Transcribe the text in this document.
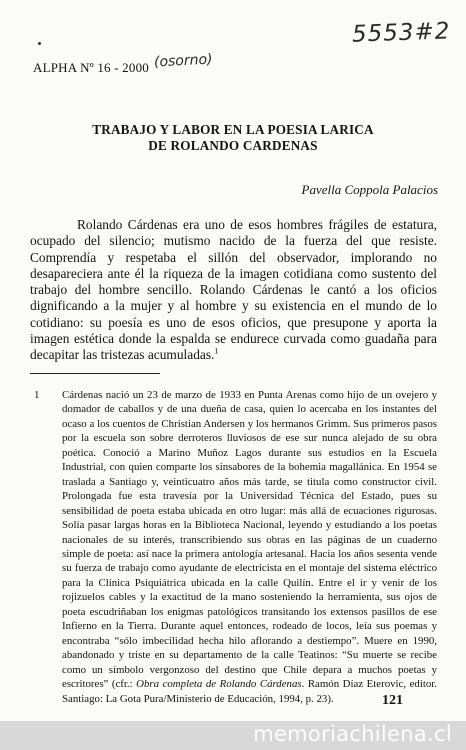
5553#2
ALPHA Nº 16 - 2000 (osorno)
TRABAJO Y LABOR EN LA POESIA LARICA
DE ROLANDO CARDENAS
Pavella Coppola Palacios

Rolando Cárdenas era uno de esos hombres frágiles de estatura, ocupado del silencio; mutismo nacido de la fuerza del que resiste. Comprendía y respetaba el sillón del observador, implorando no desapareciera ante él la riqueza de la imagen cotidiana como sustento del trabajo del hombre sencillo. Rolando Cárdenas le cantó a los oficios dignificando a la mujer y al hombre y su existencia en el mundo de lo cotidiano: su poesía es uno de esos oficios, que presupone y aporta la imagen estética donde la espalda se endurece curvada como guadaña para decapitar las tristezas acumuladas.$^1$

1 Cárdenas nació un 23 de marzo de 1933 en Punta Arenas como hijo de un ovejero y domador de caballos y de una dueña de casa, quien lo acercaba en los instantes del ocaso a los cuentos de Christian Andersen y los hermanos Grimm. Sus primeros pasos por la escuela son sobre derroteros lluviosos de ese sur nunca alejado de su obra poética. Conoció a Marino Muñoz Lagos durante sus estudios en la Escuela Industrial, con quien comparte los sinsabores de la bohemia magallánica. En 1954 se traslada a Santiago y, veinticuatro años más tarde, se titula como constructor civil. Prolongada fue esta travesía por la Universidad Técnica del Estado, pues su sensibilidad de poeta estaba ubicada en otro lugar: más allá de ecuaciones rigurosas. Solía pasar largas horas en la Biblioteca Nacional, leyendo y estudiando a los poetas nacionales de su interés, transcribiendo sus obras en las páginas de un cuaderno simple de poeta: así nace la primera antología artesanal. Hacia los años sesenta vende su fuerza de trabajo como ayudante de electricista en el montaje del sistema eléctrico para la Clínica Psiquiátrica ubicada en la calle Quilín. Entre el ir y venir de los rojizuelos cables y la exactitud de la mano sosteniendo la herramienta, sus ojos de poeta escudriñaban los enigmas patológicos transitando los extensos pasillos de ese Infierno en la Tierra. Durante aquel entonces, rodeado de locos, leía sus poemas y encontraba “sólo imbecilidad hecha hilo aflorando a destiempo”. Muere en 1990, abandonado y triste en su departamento de la calle Teatinos: “Su muerte se recibe como un símbolo vergonzoso del destino que Chile depara a muchos poetas y escritores” (cfr.: Obra completa de Rolando Cárdenas. Ramón Díaz Eterovic, editor. Santiago: La Gota Pura/Ministerio de Educación, 1994, p. 23).	121
memoriachilena.cl
